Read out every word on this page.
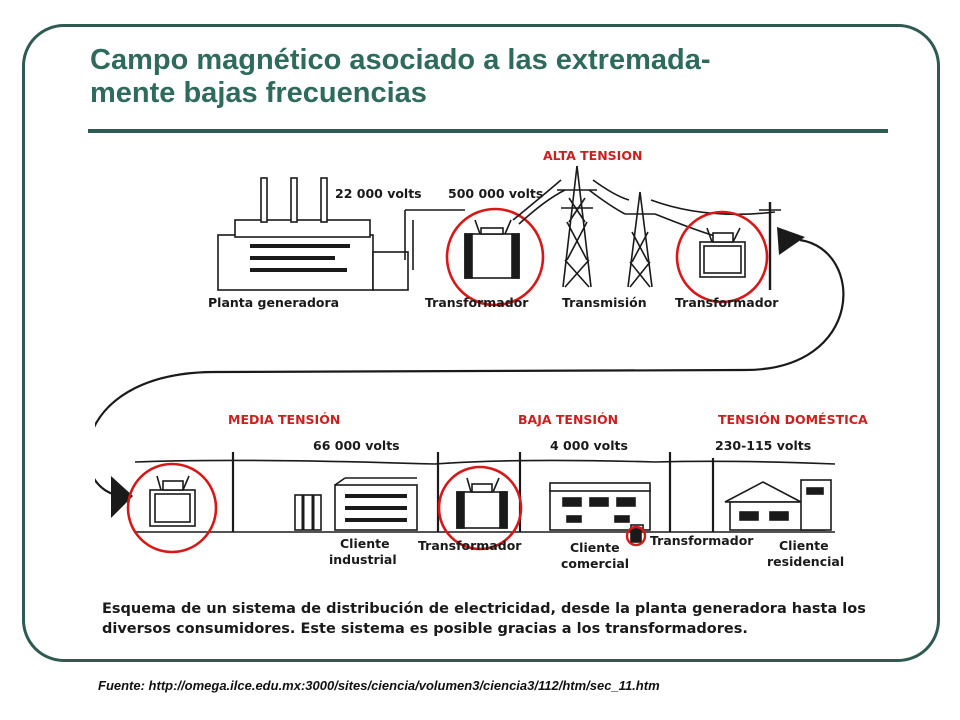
Campo magnético asociado a las extremada-
mente bajas frecuencias
ALTA TENSION
MEDIA TENSIÓN	BAJA TENSIÓN	TENSIÓN DOMÉSTICA
22 000 volts 500 000 volts
66 000 volts	4 000 volts	230-115 volts
Planta generadora	Transformador	Transmisión Transformador
Cliente
industrial
Transformador	Cliente
comercial
Transformador Cliente
residencial

Esquema de un sistema de distribución de electricidad, desde la planta generadora hasta los
diversos consumidores. Este sistema es posible gracias a los transformadores.

Fuente: http://omega.ilce.edu.mx:3000/sites/ciencia/volumen3/ciencia3/112/htm/sec_11.htm
